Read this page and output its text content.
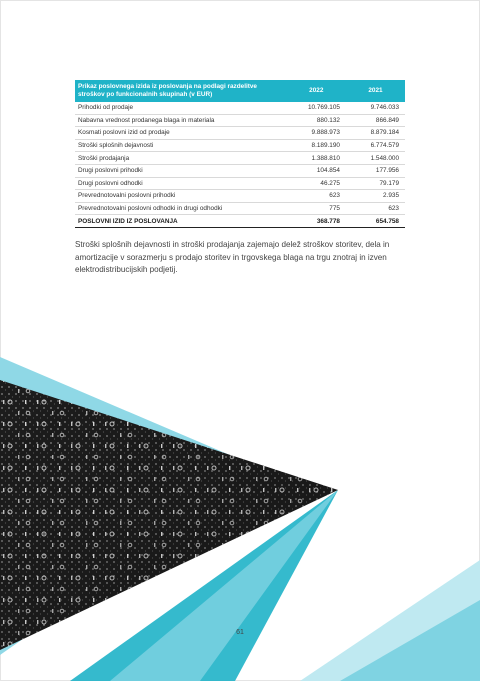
Prikaz poslovnega izida iz poslovanja na podlagi razdelitve stroškov po funkcionalnih skupinah (v EUR)	2022	2021
Prihodki od prodaje	10.769.105	9.746.033
Nabavna vrednost prodanega blaga in materiala	880.132	866.849
Kosmati poslovni izid od prodaje	9.888.973	8.879.184
Stroški splošnih dejavnosti	8.189.190	6.774.579
Stroški prodajanja	1.388.810	1.548.000
Drugi poslovni prihodki	104.854	177.956
Drugi poslovni odhodki	46.275	79.179
Prevrednotovalni poslovni prihodki	623	2.935
Prevrednotovalni poslovni odhodki in drugi odhodki	775	623
POSLOVNI IZID IZ POSLOVANJA	368.778	654.758

Stroški splošnih dejavnosti in stroški prodajanja zajemajo delež stroškov storitev, dela in amortizacije v sorazmerju s prodajo storitev in trgovskega blaga na trgu znotraj in izven elektrodistribucijskih podjetij.

61
